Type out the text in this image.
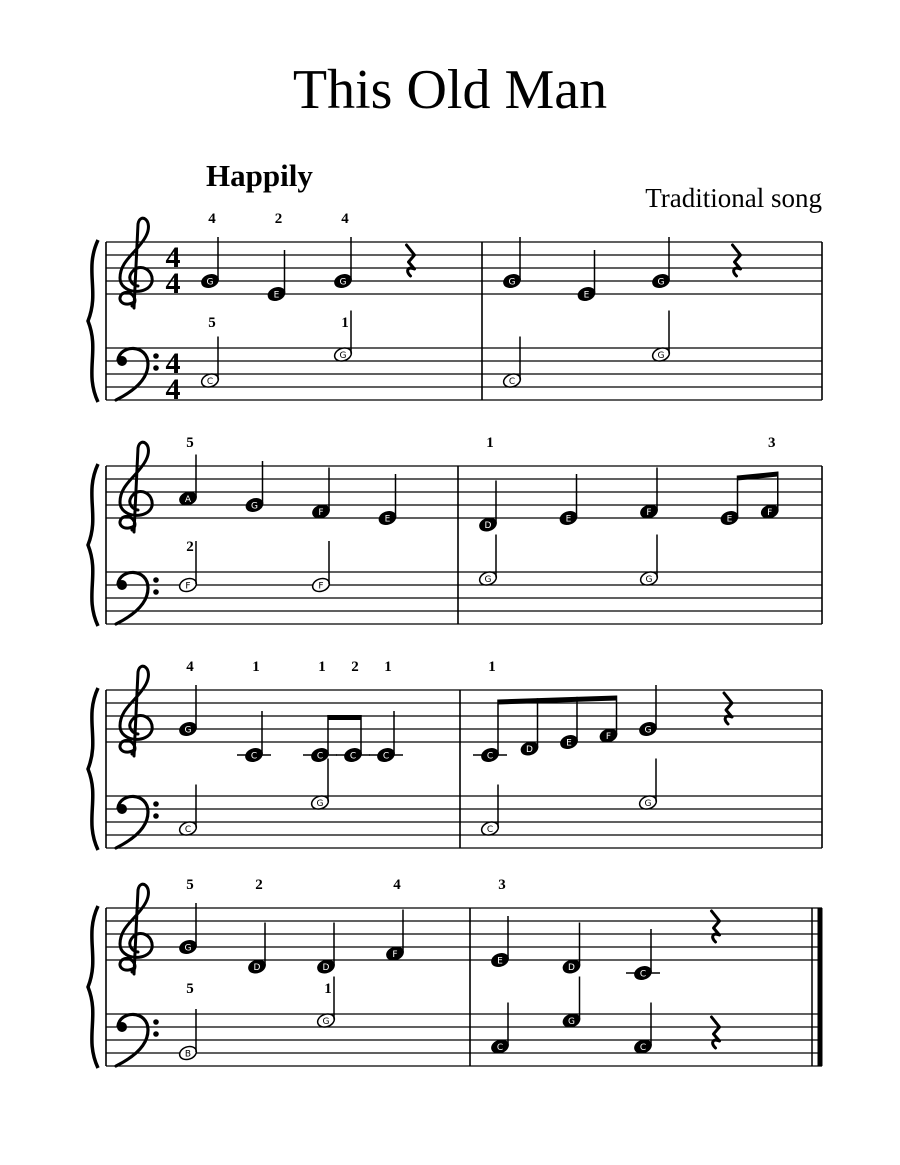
This Old Man
Happily
Traditional song
4
4
4
4
G
4
E
2
G
4
C
5
G
1
G
E
G
C
G
A
5
G
F
E
F
2
F
D
1
E
F
E
F
3
G	G
G
4
C
1
C
1
C
2
C
1
C
G
C
1
D
E
F
G
C
G
G
5
D
2
D
F
4
B
5
G
1
E
3
D
C
C
G
C
